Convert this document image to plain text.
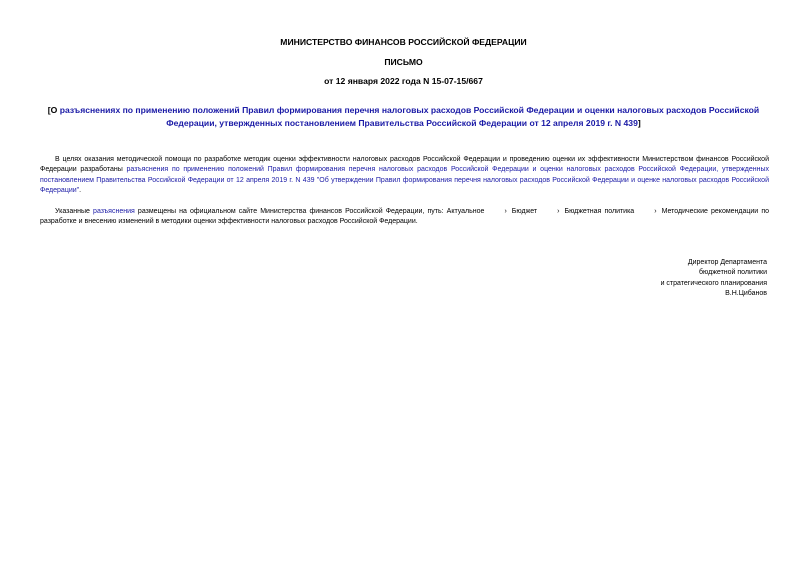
МИНИСТЕРСТВО ФИНАНСОВ РОССИЙСКОЙ ФЕДЕРАЦИИ
ПИСЬМО
от 12 января 2022 года N 15-07-15/667
[О разъяснениях по применению положений Правил формирования перечня налоговых расходов Российской Федерации и оценки налоговых расходов Российской Федерации, утвержденных постановлением Правительства Российской Федерации от 12 апреля 2019 г. N 439]
В целях оказания методической помощи по разработке методик оценки эффективности налоговых расходов Российской Федерации и проведению оценки их эффективности Министерством финансов Российской Федерации разработаны разъяснения по применению положений Правил формирования перечня налоговых расходов Российской Федерации и оценки налоговых расходов Российской Федерации, утвержденных постановлением Правительства Российской Федерации от 12 апреля 2019 г. N 439 "Об утверждении Правил формирования перечня налоговых расходов Российской Федерации и оценке налоговых расходов Российской Федерации".
Указанные разъяснения размещены на официальном сайте Министерства финансов Российской Федерации, путь: Актуальное	› Бюджет	› Бюджетная политика	› Методические рекомендации по разработке и внесению изменений в методики оценки эффективности налоговых расходов Российской Федерации.
Директор Департамента
бюджетной политики
и стратегического планирования
В.Н.Цибанов
